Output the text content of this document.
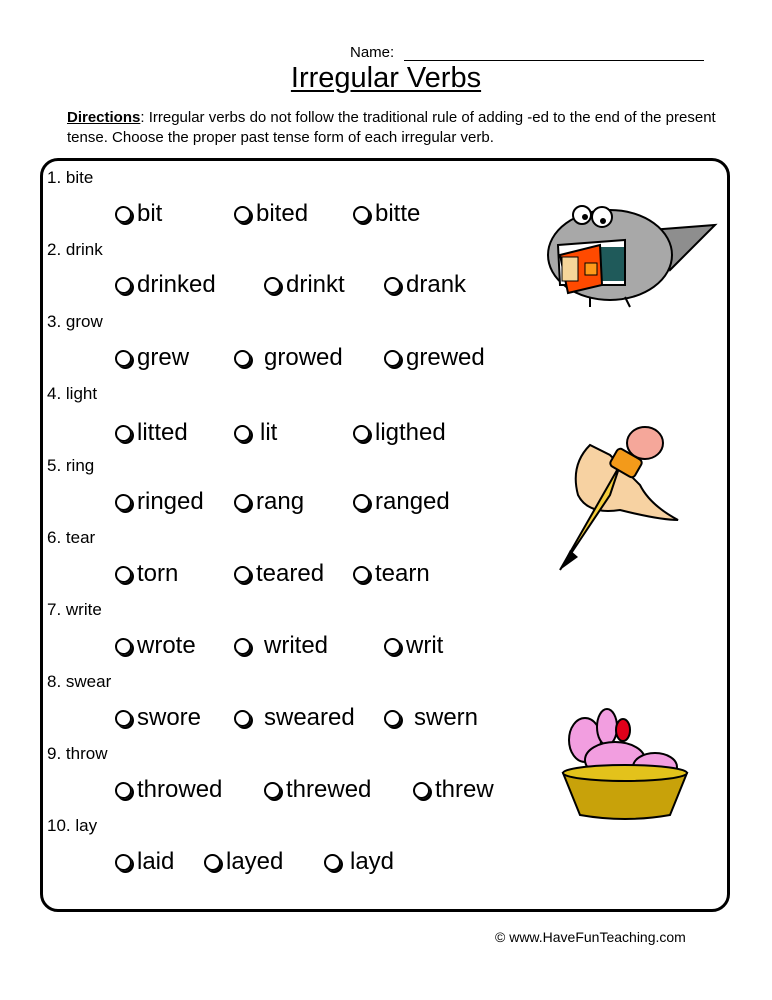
Name:
Irregular Verbs
Directions: Irregular verbs do not follow the traditional rule of adding -ed to the end of the present tense. Choose the proper past tense form of each irregular verb.
1. bite
bit	bited	bitte
2. drink
drinked	drinkt	drank
3. grow
grew	growed	grewed
4. light
litted	lit	ligthed
5. ring
ringed rang	ranged
6. tear
torn	teared tearn
7. write
wrote	writed	writ
8. swear
swore	sweared swern
9. throw
throwed	threwed	threw
10. lay
laid layed	layd
© www.HaveFunTeaching.com
